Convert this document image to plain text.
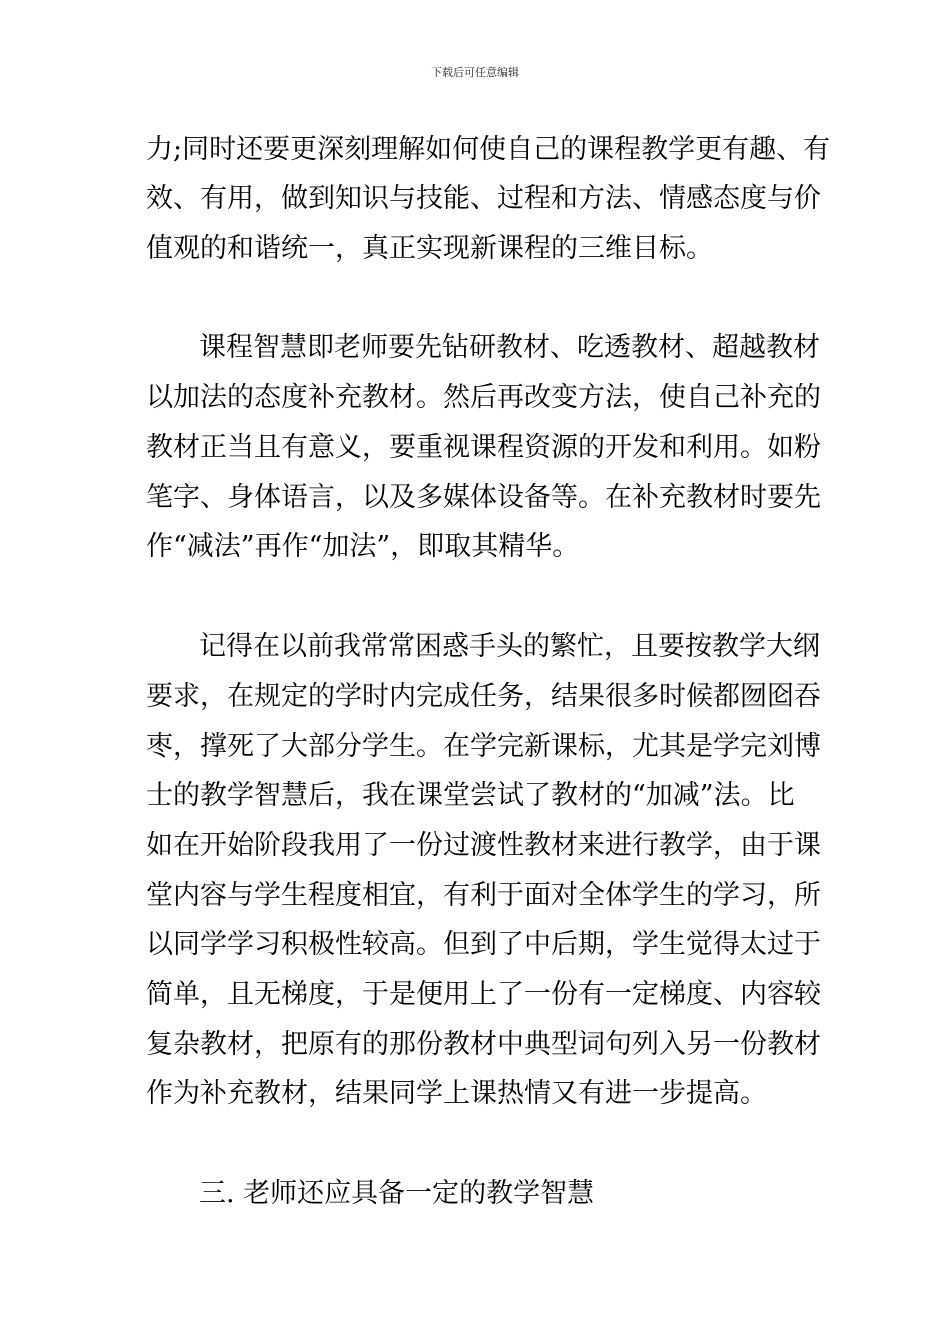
下载后可任意编辑
力;同时还要更深刻理解如何使自己的课程教学更有趣、有
效、有用，做到知识与技能、过程和方法、情感态度与价
值观的和谐统一，真正实现新课程的三维目标。
课程智慧即老师要先钻研教材、吃透教材、超越教材
以加法的态度补充教材。然后再改变方法，使自己补充的
教材正当且有意义，要重视课程资源的开发和利用。如粉
笔字、身体语言，以及多媒体设备等。在补充教材时要先
作“减法”再作“加法”，即取其精华。
记得在以前我常常困惑手头的繁忙，且要按教学大纲
要求，在规定的学时内完成任务，结果很多时候都囫囵吞
枣，撑死了大部分学生。在学完新课标，尤其是学完刘博
士的教学智慧后，我在课堂尝试了教材的“加减”法。比
如在开始阶段我用了一份过渡性教材来进行教学，由于课
堂内容与学生程度相宜，有利于面对全体学生的学习，所
以同学学习积极性较高。但到了中后期，学生觉得太过于
简单，且无梯度，于是便用上了一份有一定梯度、内容较
复杂教材，把原有的那份教材中典型词句列入另一份教材
作为补充教材，结果同学上课热情又有进一步提高。
三. 老师还应具备一定的教学智慧
